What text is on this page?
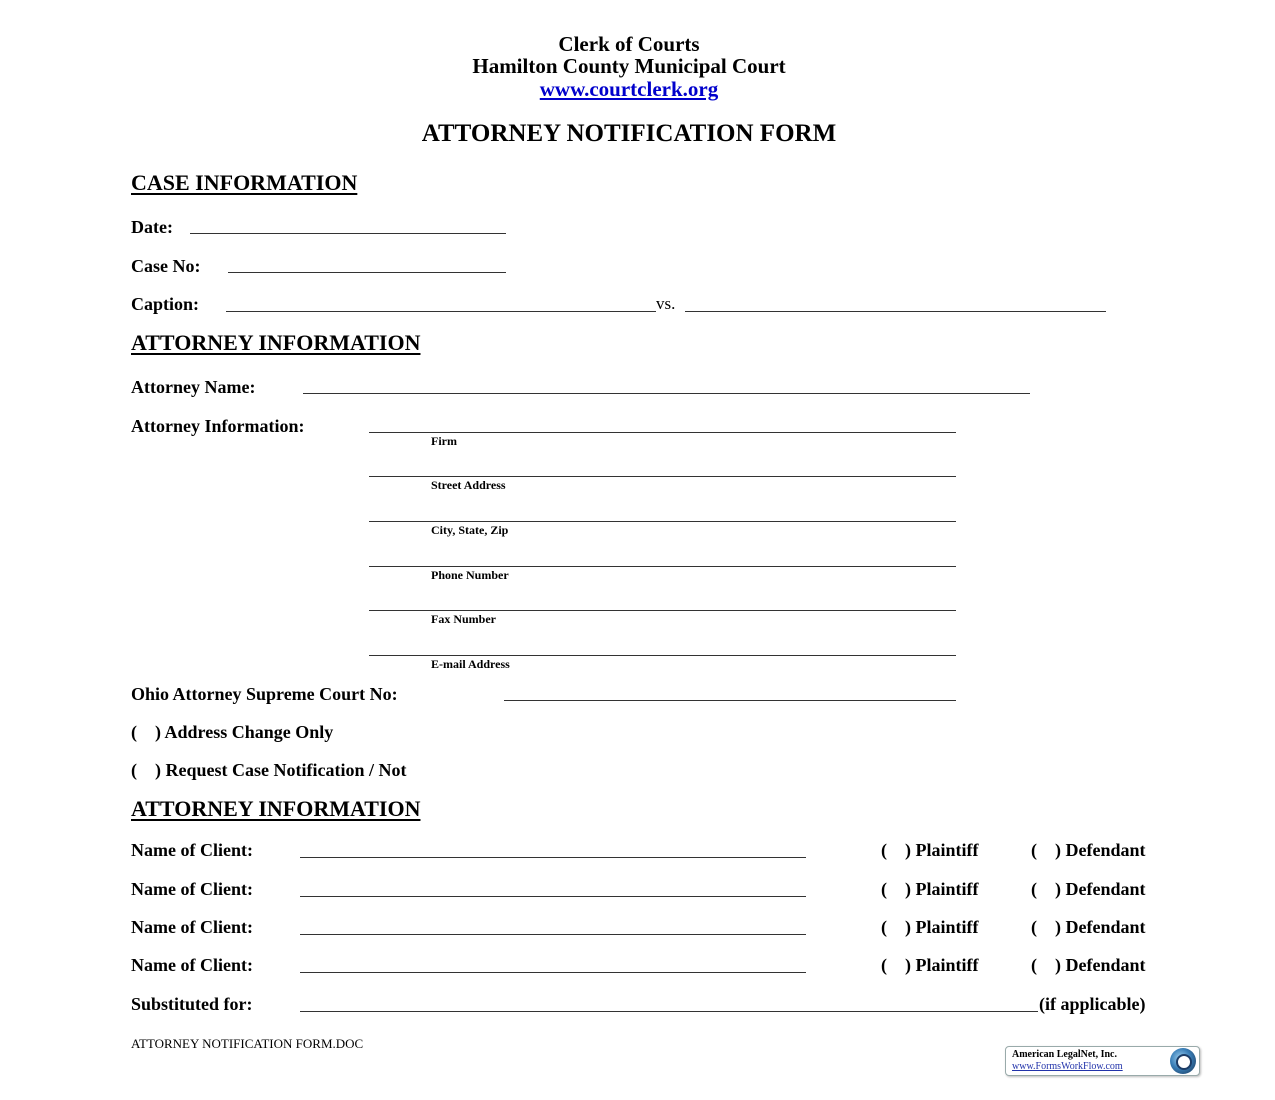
Clerk of Courts
Hamilton County Municipal Court
www.courtclerk.org
ATTORNEY NOTIFICATION FORM
CASE INFORMATION
Date:
Case No:
Caption:	vs.
ATTORNEY INFORMATION
Attorney Name:
Attorney Information:
Firm
Street Address
City, State, Zip
Phone Number
Fax Number
E-mail Address
Ohio Attorney Supreme Court No:
(    ) Address Change Only
(    ) Request Case Notification / Not
ATTORNEY INFORMATION
Name of Client:	(    ) Plaintiff	(    ) Defendant
Name of Client:	(    ) Plaintiff	(    ) Defendant
Name of Client:	(    ) Plaintiff	(    ) Defendant
Name of Client:	(    ) Plaintiff	(    ) Defendant
Substituted for:	(if applicable)
ATTORNEY NOTIFICATION FORM.DOC
American LegalNet, Inc.
www.FormsWorkFlow.com
